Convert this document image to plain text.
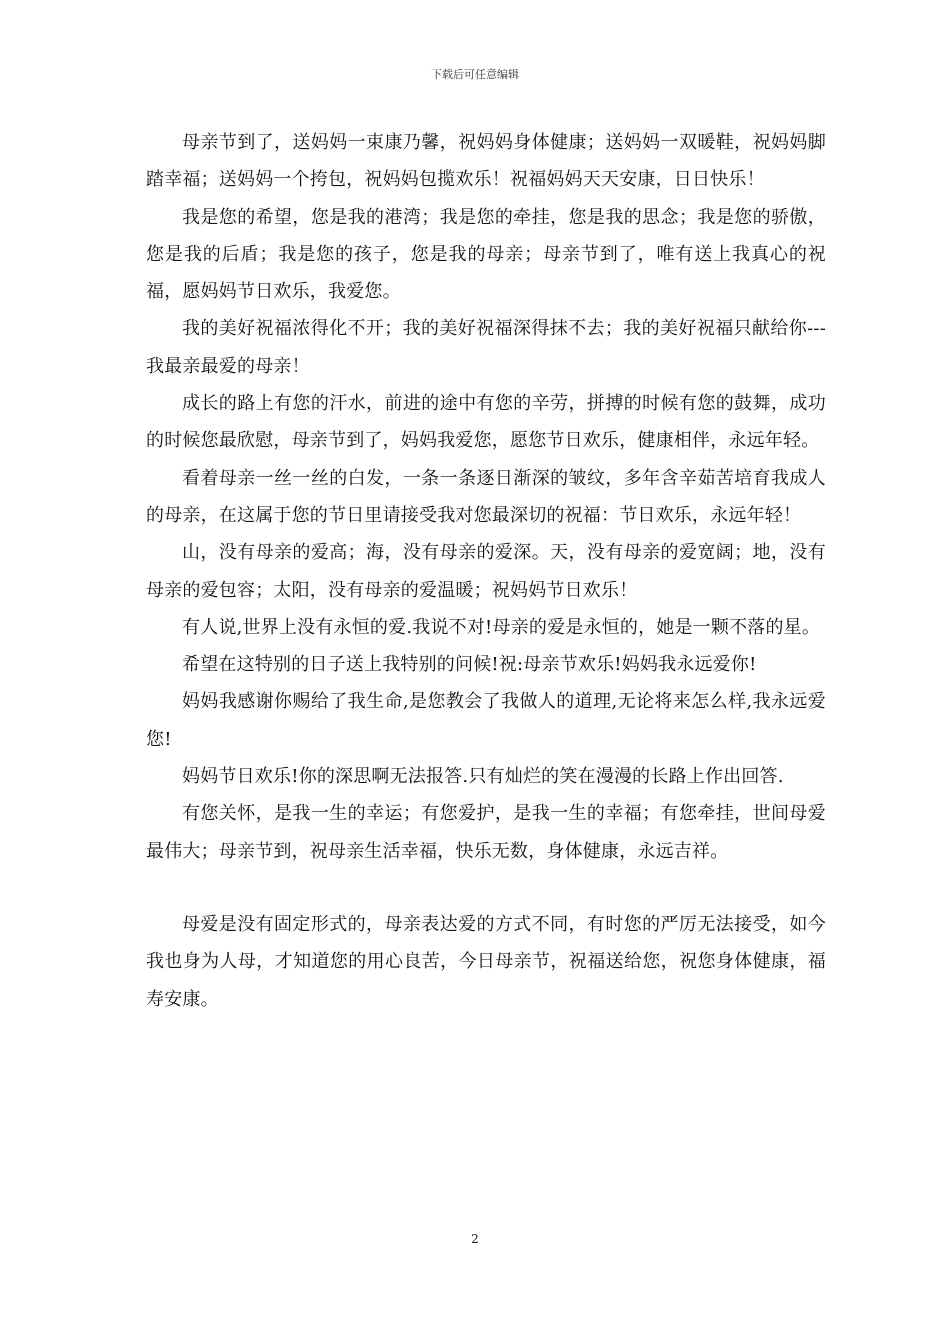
下载后可任意编辑

母亲节到了，送妈妈一束康乃馨，祝妈妈身体健康；送妈妈一双暖鞋，祝妈妈脚踏幸福；送妈妈一个挎包，祝妈妈包揽欢乐！祝福妈妈天天安康，日日快乐！

我是您的希望，您是我的港湾；我是您的牵挂，您是我的思念；我是您的骄傲，您是我的后盾；我是您的孩子，您是我的母亲；母亲节到了，唯有送上我真心的祝福，愿妈妈节日欢乐，我爱您。

我的美好祝福浓得化不开；我的美好祝福深得抹不去；我的美好祝福只献给你---我最亲最爱的母亲！

成长的路上有您的汗水，前进的途中有您的辛劳，拼搏的时候有您的鼓舞，成功的时候您最欣慰，母亲节到了，妈妈我爱您，愿您节日欢乐，健康相伴，永远年轻。

看着母亲一丝一丝的白发，一条一条逐日渐深的皱纹，多年含辛茹苦培育我成人的母亲，在这属于您的节日里请接受我对您最深切的祝福：节日欢乐，永远年轻！

山，没有母亲的爱高；海，没有母亲的爱深。天，没有母亲的爱宽阔；地，没有母亲的爱包容；太阳，没有母亲的爱温暖；祝妈妈节日欢乐！

有人说,世界上没有永恒的爱.我说不对!母亲的爱是永恒的，她是一颗不落的星。

希望在这特别的日子送上我特别的问候!祝:母亲节欢乐!妈妈我永远爱你!

妈妈我感谢你赐给了我生命,是您教会了我做人的道理,无论将来怎么样,我永远爱您!

妈妈节日欢乐!你的深思啊无法报答.只有灿烂的笑在漫漫的长路上作出回答.

有您关怀，是我一生的幸运；有您爱护，是我一生的幸福；有您牵挂，世间母爱最伟大；母亲节到，祝母亲生活幸福，快乐无数，身体健康，永远吉祥。

母爱是没有固定形式的，母亲表达爱的方式不同，有时您的严厉无法接受，如今我也身为人母，才知道您的用心良苦，今日母亲节，祝福送给您，祝您身体健康，福寿安康。

2
